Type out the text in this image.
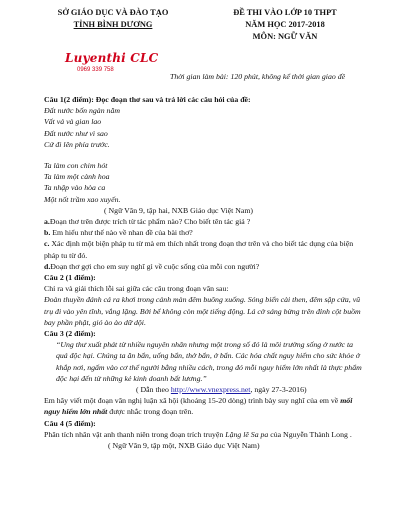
SỞ GIÁO DỤC VÀ ĐÀO TẠO
TỈNH BÌNH DƯƠNG
ĐỀ THI VÀO LỚP 10 THPT
NĂM HỌC 2017-2018
MÔN: NGỮ VĂN
Luyenthi CLC
0969 339 758
Thời gian làm bài: 120 phút, không kể thời gian giao đề

Câu 1(2 điểm): Đọc đoạn thơ sau và trả lời các câu hỏi của đề:

Đất nước bốn ngàn năm

Vất vả và gian lao

Đất nước như vì sao

Cứ đi lên phía trước.

Ta làm con chim hót

Ta làm một cành hoa

Ta nhập vào hòa ca

Một nốt trầm xao xuyến.

( Ngữ Văn 9, tập hai, NXB Giáo dục Việt Nam)

a.Đoạn thơ trên được trích từ tác phẩm nào? Cho biết tên tác giả ?

b. Em hiểu như thế nào về nhan đề của bài thơ?

c. Xác định một biện pháp tu từ mà em thích nhất trong đoạn thơ trên và cho biết tác dụng của biện pháp tu từ đó.

d.Đoạn thơ gợi cho em suy nghĩ gì về cuộc sống của mỗi con người?

Câu 2 (1 điểm):

Chỉ ra và giải thích lỗi sai giữa các câu trong đoạn văn sau:

Đoàn thuyền đánh cá ra khơi trong cảnh màn đêm buông xuống. Sóng biển cài then, đêm sập cửa, vũ trụ đi vào yên tĩnh, vắng lặng. Bởi bể không còn một tiếng động. Lá cờ sáng bừng trên đỉnh cột buồm bay phần phật, gió ào ào dữ dội.

Câu 3 (2 điểm):

“Ung thư xuất phát từ nhiều nguyên nhân nhưng một trong số đó là môi trường sống ở nước ta quá độc hại. Chúng ta ăn bẩn, uống bẩn, thở bẩn, ở bẩn. Các hóa chất nguy hiểm cho sức khỏe ở khắp nơi, ngấm vào cơ thể người bằng nhiều cách, trong đó mỗi nguy hiểm lớn nhất là thực phẩm độc hại đến từ những kẻ kinh doanh bất lương.”

( Dẫn theo http://www.vnexpress.net, ngày 27-3-2016)

Em hãy viết một đoạn văn nghị luận xã hội (khoảng 15-20 dòng) trình bày suy nghĩ của em về mối nguy hiểm lớn nhất được nhắc trong đoạn trên.

Câu 4 (5 điểm):

Phân tích nhân vật anh thanh niên trong đoạn trích truyện Lặng lẽ Sa pa của Nguyễn Thành Long .

( Ngữ Văn 9, tập một, NXB Giáo dục Việt Nam)
